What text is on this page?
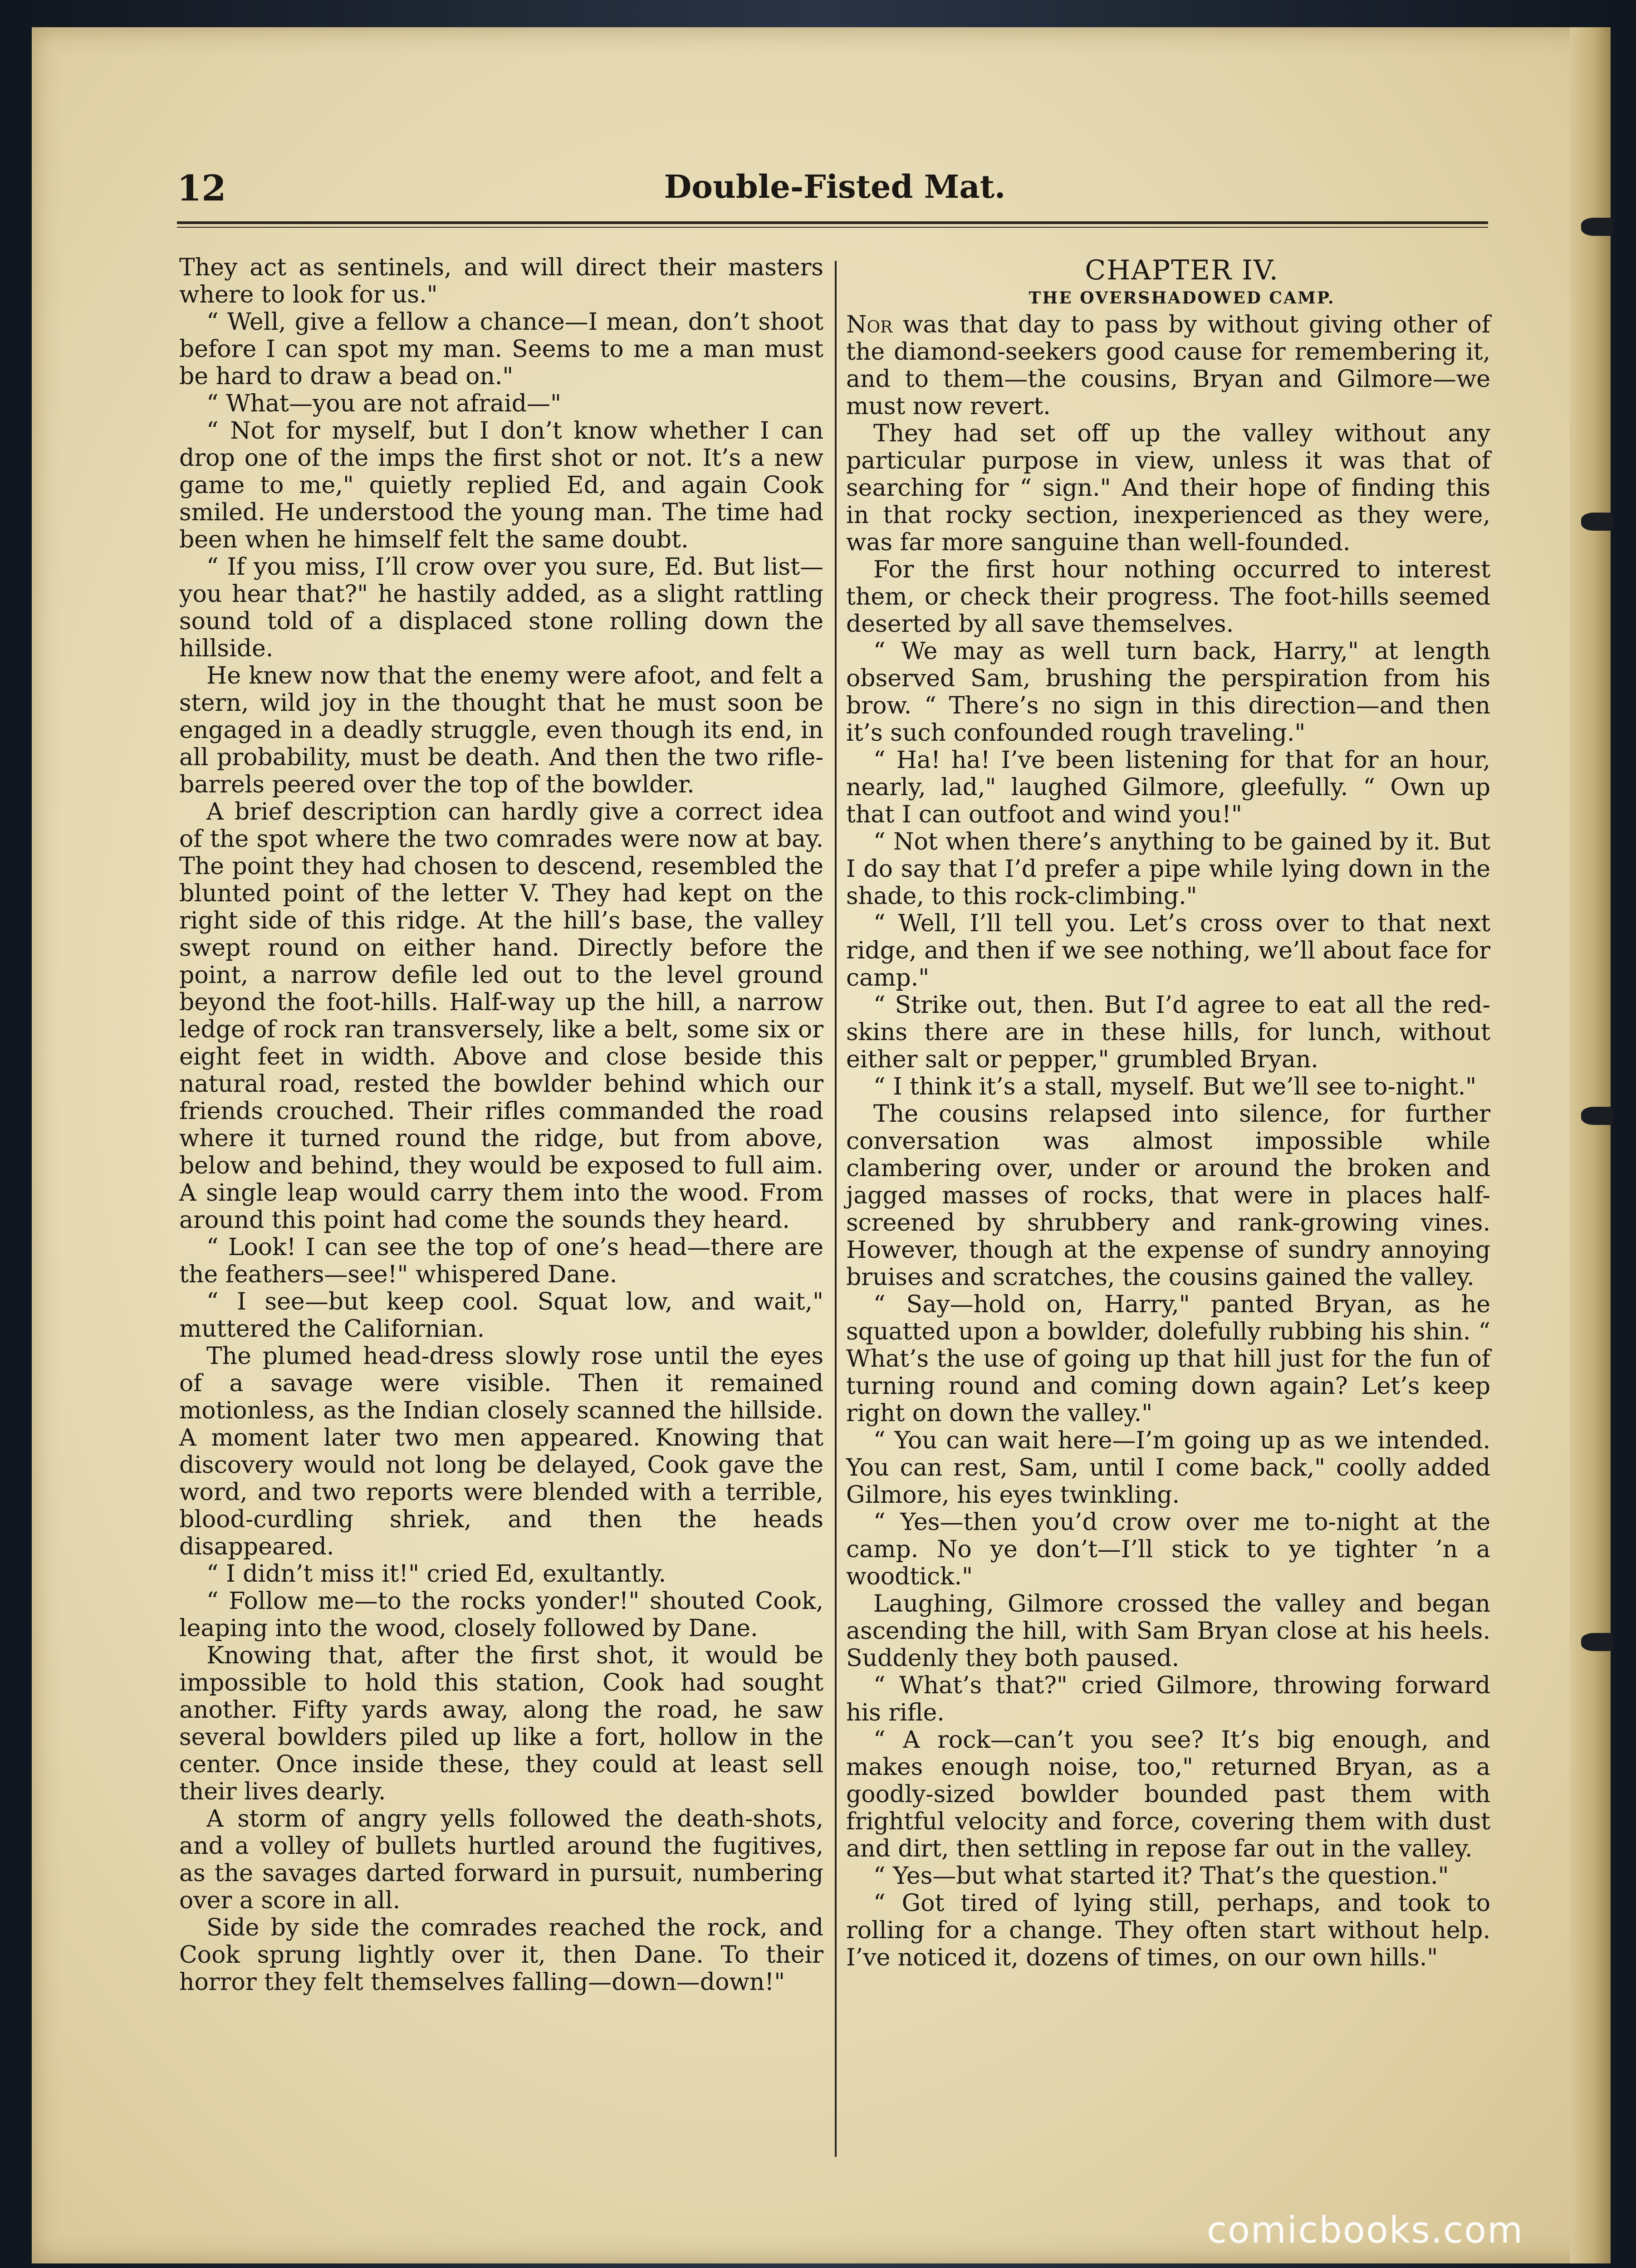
12	Double-Fisted Mat.

They act as sentinels, and will direct their masters where to look for us."

“ Well, give a fellow a chance—I mean, don’t shoot before I can spot my man. Seems to me a man must be hard to draw a bead on."

“ What—you are not afraid—"

“ Not for myself, but I don’t know whether I can drop one of the imps the first shot or not. It’s a new game to me," quietly replied Ed, and again Cook smiled. He understood the young man. The time had been when he himself felt the same doubt.

“ If you miss, I’ll crow over you sure, Ed. But list—you hear that?" he hastily added, as a slight rattling sound told of a displaced stone rolling down the hillside.

He knew now that the enemy were afoot, and felt a stern, wild joy in the thought that he must soon be engaged in a deadly struggle, even though its end, in all probability, must be death. And then the two rifle-barrels peered over the top of the bowlder.

A brief description can hardly give a correct idea of the spot where the two comrades were now at bay. The point they had chosen to descend, resembled the blunted point of the letter V. They had kept on the right side of this ridge. At the hill’s base, the valley swept round on either hand. Directly before the point, a narrow defile led out to the level ground beyond the foot-hills. Half-way up the hill, a narrow ledge of rock ran transversely, like a belt, some six or eight feet in width. Above and close beside this natural road, rested the bowlder behind which our friends crouched. Their rifles commanded the road where it turned round the ridge, but from above, below and behind, they would be exposed to full aim. A single leap would carry them into the wood. From around this point had come the sounds they heard.

“ Look! I can see the top of one’s head—there are the feathers—see!" whispered Dane.

“ I see—but keep cool. Squat low, and wait," muttered the Californian.

The plumed head-dress slowly rose until the eyes of a savage were visible. Then it remained motionless, as the Indian closely scanned the hillside. A moment later two men appeared. Knowing that discovery would not long be delayed, Cook gave the word, and two reports were blended with a terrible, blood-curdling shriek, and then the heads disappeared.

“ I didn’t miss it!" cried Ed, exultantly.

“ Follow me—to the rocks yonder!" shouted Cook, leaping into the wood, closely followed by Dane.

Knowing that, after the first shot, it would be impossible to hold this station, Cook had sought another. Fifty yards away, along the road, he saw several bowlders piled up like a fort, hollow in the center. Once inside these, they could at least sell their lives dearly.

A storm of angry yells followed the death-shots, and a volley of bullets hurtled around the fugitives, as the savages darted forward in pursuit, numbering over a score in all.

Side by side the comrades reached the rock, and Cook sprung lightly over it, then Dane. To their horror they felt themselves falling—down—down!"

CHAPTER IV.

THE OVERSHADOWED CAMP.

Nor was that day to pass by without giving other of the diamond-seekers good cause for remembering it, and to them—the cousins, Bryan and Gilmore—we must now revert.

They had set off up the valley without any particular purpose in view, unless it was that of searching for “ sign." And their hope of finding this in that rocky section, inexperienced as they were, was far more sanguine than well-founded.

For the first hour nothing occurred to interest them, or check their progress. The foot-hills seemed deserted by all save themselves.

“ We may as well turn back, Harry," at length observed Sam, brushing the perspiration from his brow. “ There’s no sign in this direction—and then it’s such confounded rough traveling."

“ Ha! ha! I’ve been listening for that for an hour, nearly, lad," laughed Gilmore, gleefully. “ Own up that I can outfoot and wind you!"

“ Not when there’s anything to be gained by it. But I do say that I’d prefer a pipe while lying down in the shade, to this rock-climbing."

“ Well, I’ll tell you. Let’s cross over to that next ridge, and then if we see nothing, we’ll about face for camp."

“ Strike out, then. But I’d agree to eat all the red-skins there are in these hills, for lunch, without either salt or pepper," grumbled Bryan.

“ I think it’s a stall, myself. But we’ll see to-night."

The cousins relapsed into silence, for further conversation was almost impossible while clambering over, under or around the broken and jagged masses of rocks, that were in places half-screened by shrubbery and rank-growing vines. However, though at the expense of sundry annoying bruises and scratches, the cousins gained the valley.

“ Say—hold on, Harry," panted Bryan, as he squatted upon a bowlder, dolefully rubbing his shin. “ What’s the use of going up that hill just for the fun of turning round and coming down again? Let’s keep right on down the valley."

“ You can wait here—I’m going up as we intended. You can rest, Sam, until I come back," coolly added Gilmore, his eyes twinkling.

“ Yes—then you’d crow over me to-night at the camp. No ye don’t—I’ll stick to ye tighter ’n a woodtick."

Laughing, Gilmore crossed the valley and began ascending the hill, with Sam Bryan close at his heels. Suddenly they both paused.

“ What’s that?" cried Gilmore, throwing forward his rifle.

“ A rock—can’t you see? It’s big enough, and makes enough noise, too," returned Bryan, as a goodly-sized bowlder bounded past them with frightful velocity and force, covering them with dust and dirt, then settling in repose far out in the valley.

“ Yes—but what started it? That’s the question."

“ Got tired of lying still, perhaps, and took to rolling for a change. They often start without help. I’ve noticed it, dozens of times, on our own hills."

comicbooks.com
